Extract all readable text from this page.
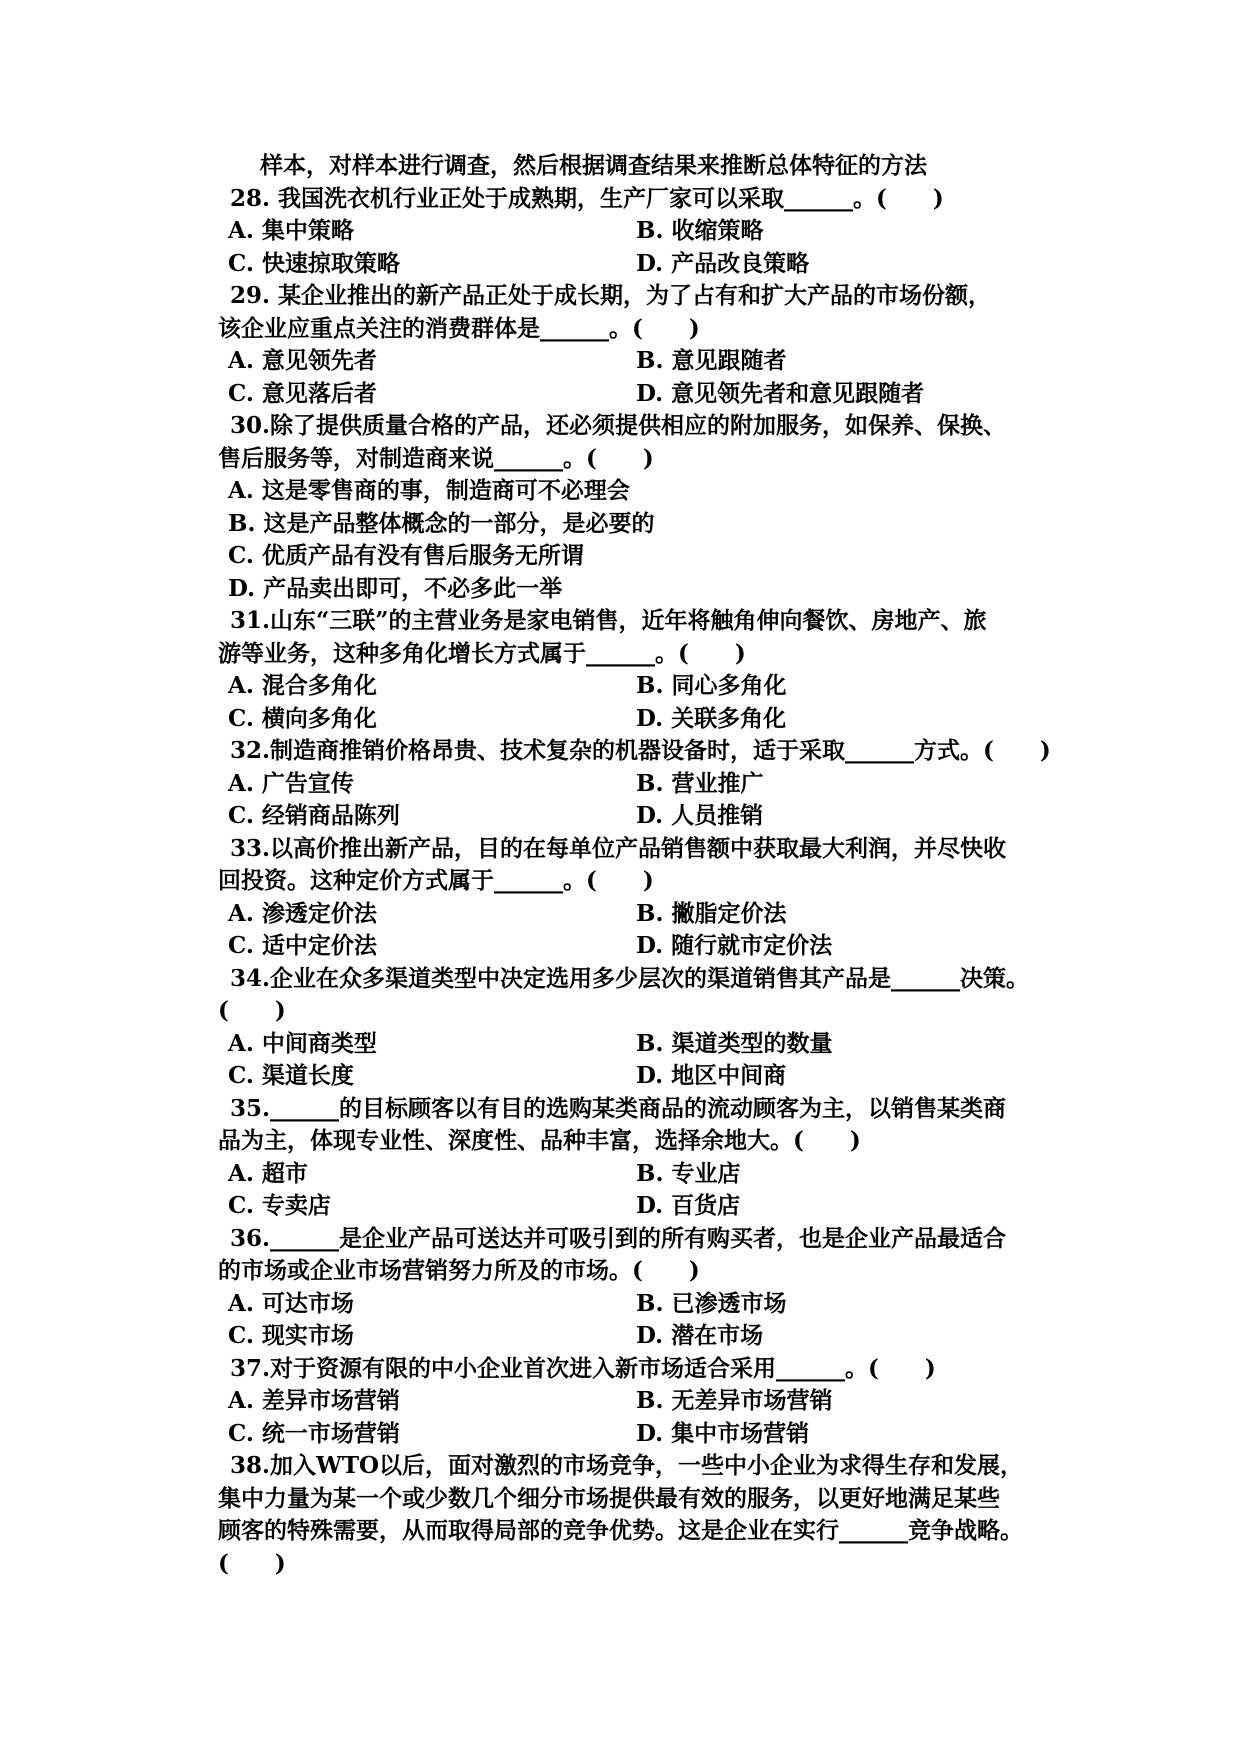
样本，对样本进行调查，然后根据调查结果来推断总体特征的方法
28. 我国洗衣机行业正处于成熟期，生产厂家可以采取______。(　　)
A. 集中策略	B. 收缩策略
C. 快速掠取策略	D. 产品改良策略
29. 某企业推出的新产品正处于成长期，为了占有和扩大产品的市场份额，
该企业应重点关注的消费群体是______。(　　)
A. 意见领先者	B. 意见跟随者
C. 意见落后者	D. 意见领先者和意见跟随者
30.除了提供质量合格的产品，还必须提供相应的附加服务，如保养、保换、
售后服务等，对制造商来说______。(　　)
A. 这是零售商的事，制造商可不必理会
B. 这是产品整体概念的一部分，是必要的
C. 优质产品有没有售后服务无所谓
D. 产品卖出即可，不必多此一举
31.山东“三联”的主营业务是家电销售，近年将触角伸向餐饮、房地产、旅
游等业务，这种多角化增长方式属于______。(　　)
A. 混合多角化	B. 同心多角化
C. 横向多角化	D. 关联多角化
32.制造商推销价格昂贵、技术复杂的机器设备时，适于采取______方式。(　　)
A. 广告宣传	B. 营业推广
C. 经销商品陈列	D. 人员推销
33.以高价推出新产品，目的在每单位产品销售额中获取最大利润，并尽快收
回投资。这种定价方式属于______。(　　)
A. 渗透定价法	B. 撇脂定价法
C. 适中定价法	D. 随行就市定价法
34.企业在众多渠道类型中决定选用多少层次的渠道销售其产品是______决策。
(　　)
A. 中间商类型	B. 渠道类型的数量
C. 渠道长度	D. 地区中间商
35.______的目标顾客以有目的选购某类商品的流动顾客为主，以销售某类商
品为主，体现专业性、深度性、品种丰富，选择余地大。(　　)
A. 超市	B. 专业店
C. 专卖店	D. 百货店
36.______是企业产品可送达并可吸引到的所有购买者，也是企业产品最适合
的市场或企业市场营销努力所及的市场。(　　)
A. 可达市场	B. 已渗透市场
C. 现实市场	D. 潜在市场
37.对于资源有限的中小企业首次进入新市场适合采用______。(　　)
A. 差异市场营销	B. 无差异市场营销
C. 统一市场营销	D. 集中市场营销
38.加入WTO以后，面对激烈的市场竞争，一些中小企业为求得生存和发展，
集中力量为某一个或少数几个细分市场提供最有效的服务，以更好地满足某些
顾客的特殊需要，从而取得局部的竞争优势。这是企业在实行______竞争战略。
(　　)
